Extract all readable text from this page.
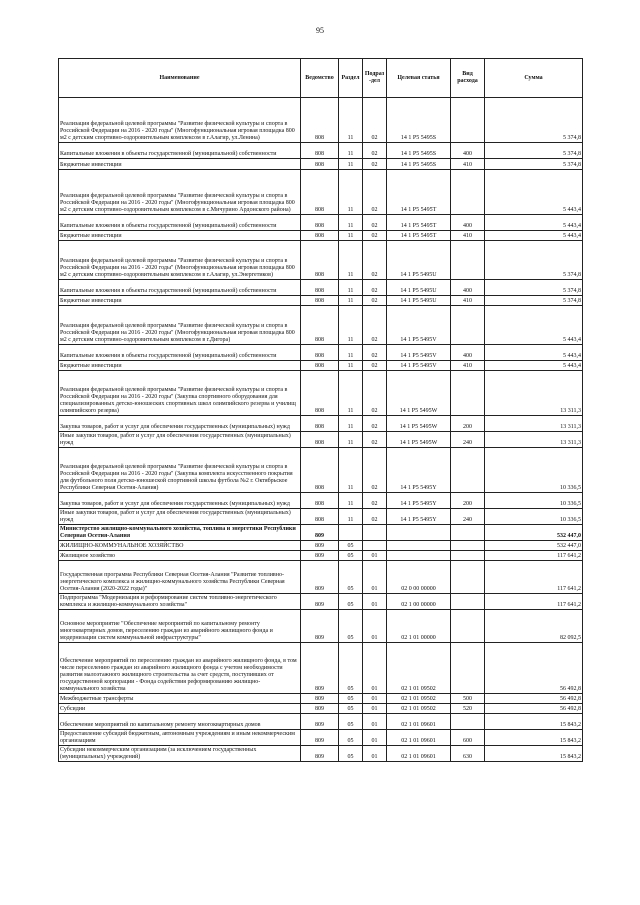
95
Наименование	Ведомство	Раздел	Подраз-дел	Целевая статья	Вид расхода	Сумма
Реализация федеральной целевой программы "Развитие физической культуры и спорта в Российской Федерации на 2016 - 2020 годы" (Многофункциональная игровая площадка 800 м2 с детским спортивно-оздоровительным комплексом в г.Алагир, ул.Ленина)	808	11	02	14 1 P5 5495S		5 374,8
Капитальные вложения в объекты государственной (муниципальной) собственности	808	11	02	14 1 P5 5495S	400	5 374,8
Бюджетные инвестиции	808	11	02	14 1 P5 5495S	410	5 374,8
Реализация федеральной целевой программы "Развитие физической культуры и спорта в Российской Федерации на 2016 - 2020 годы" (Многофункциональная игровая площадка 800 м2 с детским спортивно-оздоровительным комплексом в с.Мичурино Ардонского района)	808	11	02	14 1 P5 5495T		5 443,4
Капитальные вложения в объекты государственной (муниципальной) собственности	808	11	02	14 1 P5 5495T	400	5 443,4
Бюджетные инвестиции	808	11	02	14 1 P5 5495T	410	5 443,4
Реализация федеральной целевой программы "Развитие физической культуры и спорта в Российской Федерации на 2016 - 2020 годы" (Многофункциональная игровая площадка 800 м2 с детским спортивно-оздоровительным комплексом в г.Алагир, ул.Энергетиков)	808	11	02	14 1 P5 5495U		5 374,8
Капитальные вложения в объекты государственной (муниципальной) собственности	808	11	02	14 1 P5 5495U	400	5 374,8
Бюджетные инвестиции	808	11	02	14 1 P5 5495U	410	5 374,8
Реализация федеральной целевой программы "Развитие физической культуры и спорта в Российской Федерации на 2016 - 2020 годы" (Многофункциональная игровая площадка 800 м2 с детским спортивно-оздоровительным комплексом в г.Дигора)	808	11	02	14 1 P5 5495V		5 443,4
Капитальные вложения в объекты государственной (муниципальной) собственности	808	11	02	14 1 P5 5495V	400	5 443,4
Бюджетные инвестиции	808	11	02	14 1 P5 5495V	410	5 443,4
Реализация федеральной целевой программы "Развитие физической культуры и спорта в Российской Федерации на 2016 - 2020 годы" (Закупка спортивного оборудования для специализированных детско-юношеских спортивных школ олимпийского резерва и училищ олимпийского резерва)	808	11	02	14 1 P5 5495W		13 311,3
Закупка товаров, работ и услуг для обеспечения государственных (муниципальных) нужд	808	11	02	14 1 P5 5495W	200	13 311,3
Иные закупки товаров, работ и услуг для обеспечения государственных (муниципальных) нужд	808	11	02	14 1 P5 5495W	240	13 311,3
Реализация федеральной целевой программы "Развитие физической культуры и спорта в Российской Федерации на 2016 - 2020 годы" (Закупка комплекта искусственного покрытия для футбольного поля детско-юношеской спортивной школы футбола №2 г. Октябрьское Республики Северная Осетия-Алания)	808	11	02	14 1 P5 5495Y		10 336,5
Закупка товаров, работ и услуг для обеспечения государственных (муниципальных) нужд	808	11	02	14 1 P5 5495Y	200	10 336,5
Иные закупки товаров, работ и услуг для обеспечения государственных (муниципальных) нужд	808	11	02	14 1 P5 5495Y	240	10 336,5
Министерство жилищно-коммунального хозяйства, топлива и энергетики Республики Северная Осетия-Алания	809					532 447,0
ЖИЛИЩНО-КОММУНАЛЬНОЕ ХОЗЯЙСТВО	809	05				532 447,0
Жилищное хозяйство	809	05	01			117 641,2
Государственная программа Республики Северная Осетия-Алания "Развитие топливно-энергетического комплекса и жилищно-коммунального хозяйства Республики Северная Осетия-Алания (2020-2022 годы)"	809	05	01	02 0 00 00000		117 641,2
Подпрограмма "Модернизация и реформирование систем топливно-энергетического комплекса и жилищно-коммунального хозяйства"	809	05	01	02 1 00 00000		117 641,2
Основное мероприятие "Обеспечение мероприятий по капитальному ремонту многоквартирных домов, переселению граждан из аварийного жилищного фонда и модернизации систем коммунальной инфраструктуры"	809	05	01	02 1 01 00000		82 092,5
Обеспечение мероприятий по переселению граждан из аварийного жилищного фонда, в том числе переселению граждан из аварийного жилищного фонда с учетом необходимости развития малоэтажного жилищного строительства за счет средств, поступивших от государственной корпорации - Фонда содействия реформированию жилищно-коммунального хозяйства	809	05	01	02 1 01 09502		56 492,8
Межбюджетные трансферты	809	05	01	02 1 01 09502	500	56 492,8
Субсидии	809	05	01	02 1 01 09502	520	56 492,8
Обеспечение мероприятий по капитальному ремонту многоквартирных домов	809	05	01	02 1 01 09601		15 843,2
Предоставление субсидий бюджетным, автономным учреждениям и иным некоммерческим организациям	809	05	01	02 1 01 09601	600	15 843,2
Субсидии некоммерческим организациям (за исключением государственных (муниципальных) учреждений)	809	05	01	02 1 01 09601	630	15 843,2
